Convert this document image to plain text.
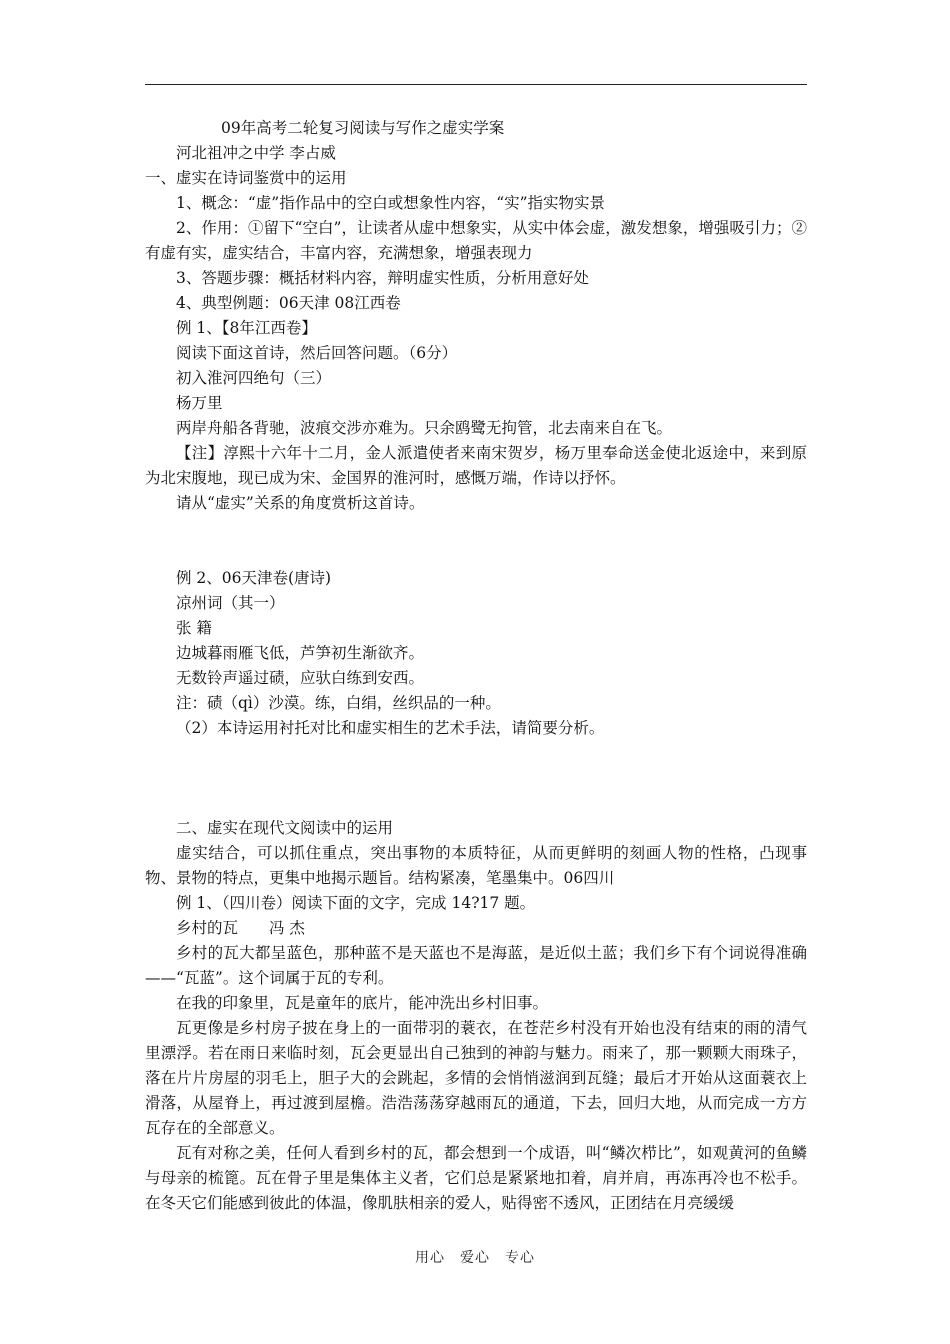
09年高考二轮复习阅读与写作之虚实学案

河北祖冲之中学 李占威

一、虚实在诗词鉴赏中的运用

1、概念：“虚”指作品中的空白或想象性内容，“实”指实物实景

2、作用：①留下“空白”，让读者从虚中想象实，从实中体会虚，激发想象，增强吸引力；②有虚有实，虚实结合，丰富内容，充满想象，增强表现力

3、答题步骤：概括材料内容，辩明虚实性质，分析用意好处

4、典型例题：06天津 08江西卷

例 1、【8年江西卷】

阅读下面这首诗，然后回答问题。（6分）

初入淮河四绝句（三）

杨万里

两岸舟船各背驰，波痕交涉亦难为。只余鸥鹭无拘管，北去南来自在飞。

【注】淳熙十六年十二月，金人派遣使者来南宋贺岁，杨万里奉命送金使北返途中，来到原为北宋腹地，现已成为宋、金国界的淮河时，感慨万端，作诗以抒怀。

请从“虚实”关系的角度赏析这首诗。

例 2、06天津卷(唐诗)

凉州词（其一）

张 籍

边城暮雨雁飞低，芦笋初生渐欲齐。

无数铃声遥过碛，应驮白练到安西。

注：碛（qì）沙漠。练，白绢，丝织品的一种。

（2）本诗运用衬托对比和虚实相生的艺术手法，请简要分析。

二、虚实在现代文阅读中的运用

虚实结合，可以抓住重点，突出事物的本质特征，从而更鲜明的刻画人物的性格，凸现事物、景物的特点，更集中地揭示题旨。结构紧凑，笔墨集中。06四川

例 1、（四川卷）阅读下面的文字，完成 14?17 题。

乡村的瓦　　冯 杰

乡村的瓦大都呈蓝色，那种蓝不是天蓝也不是海蓝，是近似土蓝；我们乡下有个词说得准确——“瓦蓝”。这个词属于瓦的专利。

在我的印象里，瓦是童年的底片，能冲洗出乡村旧事。

瓦更像是乡村房子披在身上的一面带羽的蓑衣，在苍茫乡村没有开始也没有结束的雨的清气里漂浮。若在雨日来临时刻，瓦会更显出自己独到的神韵与魅力。雨来了，那一颗颗大雨珠子，落在片片房屋的羽毛上，胆子大的会跳起，多情的会悄悄滋润到瓦缝；最后才开始从这面蓑衣上滑落，从屋脊上，再过渡到屋檐。浩浩荡荡穿越雨瓦的通道，下去，回归大地，从而完成一方方瓦存在的全部意义。

瓦有对称之美，任何人看到乡村的瓦，都会想到一个成语，叫“鳞次栉比”，如观黄河的鱼鳞与母亲的梳篦。瓦在骨子里是集体主义者，它们总是紧紧地扣着，肩并肩，再冻再冷也不松手。在冬天它们能感到彼此的体温，像肌肤相亲的爱人，贴得密不透风，正团结在月亮缓缓

用心　爱心　专心
